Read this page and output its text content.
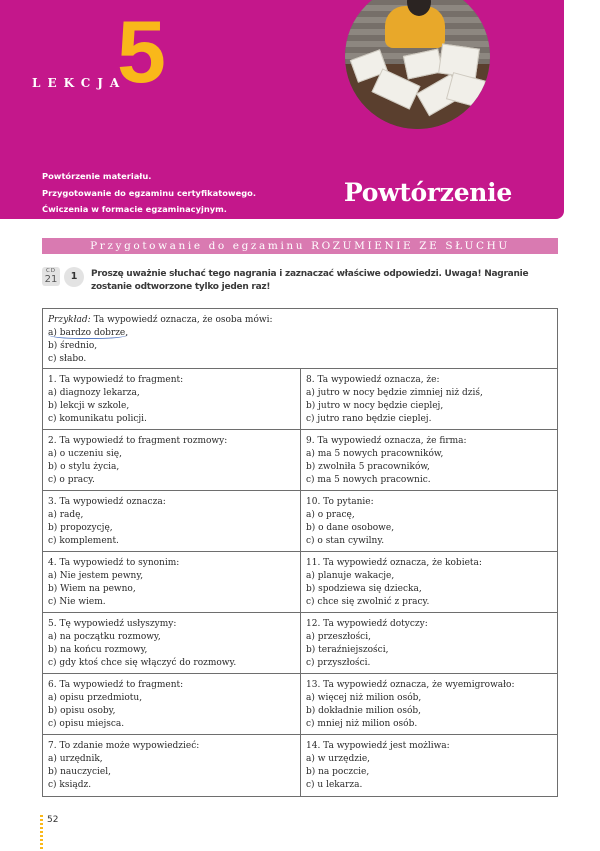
LEKCJA
5
Powtórzenie materiału.
Przygotowanie do egzaminu certyfikatowego.
Ćwiczenia w formacie egzaminacyjnym.
Powtórzenie
Przygotowanie do egzaminu ROZUMIENIE ZE SŁUCHU
CD
21	1	Proszę uważnie słuchać tego nagrania i zaznaczać właściwe odpowiedzi. Uwaga! Nagranie zostanie odtworzone tylko jeden raz!
Przykład: Ta wypowiedź oznacza, że osoba mówi:
a) bardzo dobrze,
b) średnio,
c) słabo.
1. Ta wypowiedź to fragment:
a) diagnozy lekarza,
b) lekcji w szkole,
c) komunikatu policji.
8. Ta wypowiedź oznacza, że:
a) jutro w nocy będzie zimniej niż dziś,
b) jutro w nocy będzie cieplej,
c) jutro rano będzie cieplej.
2. Ta wypowiedź to fragment rozmowy:
a) o uczeniu się,
b) o stylu życia,
c) o pracy.
9. Ta wypowiedź oznacza, że firma:
a) ma 5 nowych pracowników,
b) zwolniła 5 pracowników,
c) ma 5 nowych pracownic.
3. Ta wypowiedź oznacza:
a) radę,
b) propozycję,
c) komplement.
10. To pytanie:
a) o pracę,
b) o dane osobowe,
c) o stan cywilny.
4. Ta wypowiedź to synonim:
a) Nie jestem pewny,
b) Wiem na pewno,
c) Nie wiem.
11. Ta wypowiedź oznacza, że kobieta:
a) planuje wakacje,
b) spodziewa się dziecka,
c) chce się zwolnić z pracy.
5. Tę wypowiedź usłyszymy:
a) na początku rozmowy,
b) na końcu rozmowy,
c) gdy ktoś chce się włączyć do rozmowy.
12. Ta wypowiedź dotyczy:
a) przeszłości,
b) teraźniejszości,
c) przyszłości.
6. Ta wypowiedź to fragment:
a) opisu przedmiotu,
b) opisu osoby,
c) opisu miejsca.
13. Ta wypowiedź oznacza, że wyemigrowało:
a) więcej niż milion osób,
b) dokładnie milion osób,
c) mniej niż milion osób.
7. To zdanie może wypowiedzieć:
a) urzędnik,
b) nauczyciel,
c) ksiądz.
14. Ta wypowiedź jest możliwa:
a) w urzędzie,
b) na poczcie,
c) u lekarza.
52
